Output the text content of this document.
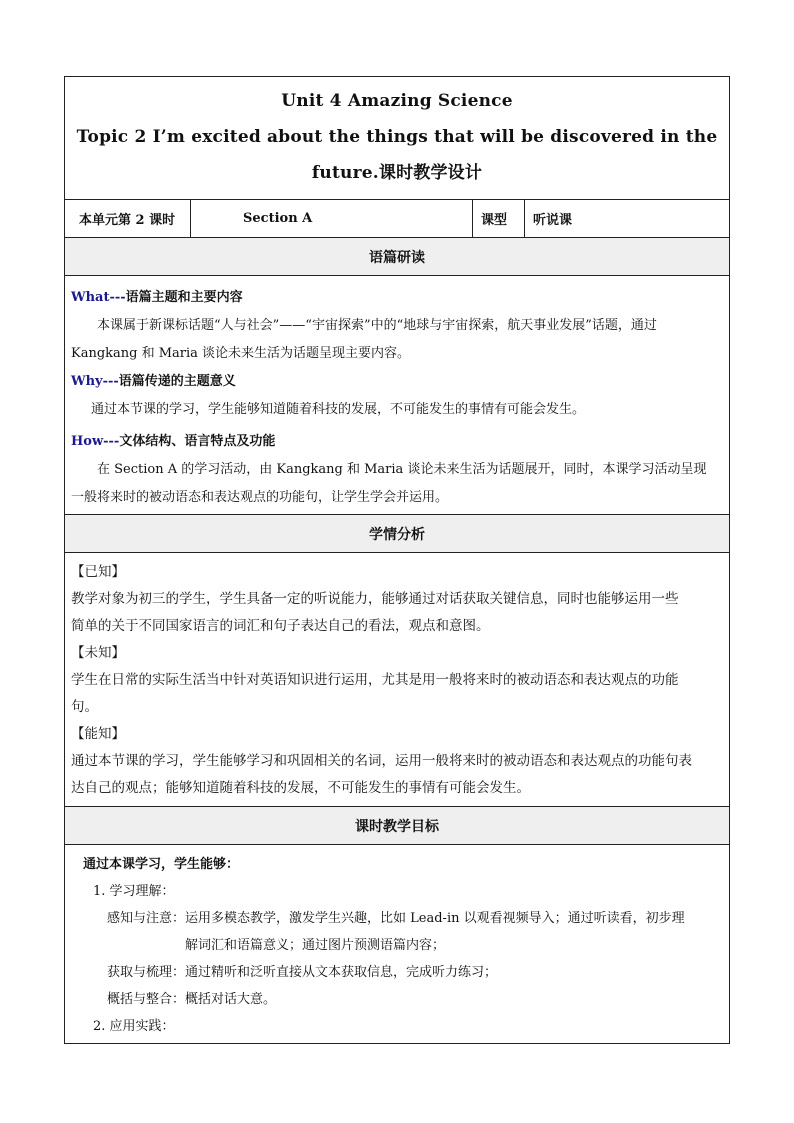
Unit 4 Amazing Science
Topic 2 I’m excited about the things that will be discovered in the
future.课时教学设计
本单元第 2 课时	Section A	课型	听说课
语篇研读

What---语篇主题和主要内容

本课属于新课标话题“人与社会”——“宇宙探索”中的“地球与宇宙探索，航天事业发展”话题，通过

Kangkang 和 Maria 谈论未来生活为话题呈现主要内容。

Why---语篇传递的主题意义

通过本节课的学习，学生能够知道随着科技的发展，不可能发生的事情有可能会发生。

How---文体结构、语言特点及功能

在 Section A 的学习活动，由 Kangkang 和 Maria 谈论未来生活为话题展开，同时，本课学习活动呈现

一般将来时的被动语态和表达观点的功能句，让学生学会并运用。

学情分析

【已知】

教学对象为初三的学生，学生具备一定的听说能力，能够通过对话获取关键信息，同时也能够运用一些

简单的关于不同国家语言的词汇和句子表达自己的看法，观点和意图。

【未知】

学生在日常的实际生活当中针对英语知识进行运用，尤其是用一般将来时的被动语态和表达观点的功能

句。

【能知】

通过本节课的学习，学生能够学习和巩固相关的名词，运用一般将来时的被动语态和表达观点的功能句表

达自己的观点；能够知道随着科技的发展，不可能发生的事情有可能会发生。

课时教学目标

通过本课学习，学生能够：

1. 学习理解：

感知与注意： 运用多模态教学，激发学生兴趣，比如 Lead-in 以观看视频导入；通过听读看，初步理
解词汇和语篇意义；通过图片预测语篇内容；

获取与梳理：通过精听和泛听直接从文本获取信息，完成听力练习；

概括与整合：概括对话大意。

2. 应用实践：
